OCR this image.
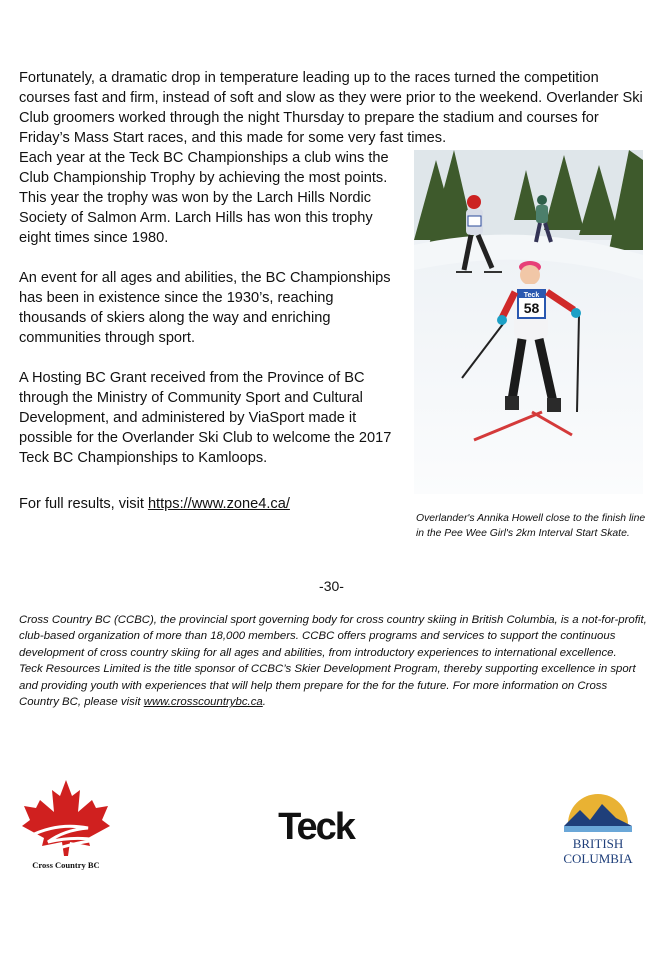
Fortunately, a dramatic drop in temperature leading up to the races turned the competition courses fast and firm, instead of soft and slow as they were prior to the weekend. Overlander Ski Club groomers worked through the night Thursday to prepare the stadium and courses for Friday’s Mass Start races, and this made for some very fast times.

Each year at the Teck BC Championships a club wins the Club Championship Trophy by achieving the most points. This year the trophy was won by the Larch Hills Nordic Society of Salmon Arm. Larch Hills has won this trophy eight times since 1980.

An event for all ages and abilities, the BC Championships has been in existence since the 1930’s, reaching thousands of skiers along the way and enriching communities through sport.

A Hosting BC Grant received from the Province of BC through the Ministry of Community Sport and Cultural Development, and administered by ViaSport made it possible for the Overlander Ski Club to welcome the 2017 Teck BC Championships to Kamloops.

For full results, visit https://www.zone4.ca/

Teck
58

Overlander's Annika Howell close to the finish line in the Pee Wee Girl's 2km Interval Start Skate.

-30-

Cross Country BC (CCBC), the provincial sport governing body for cross country skiing in British Columbia, is a not-for-profit, club-based organization of more than 18,000 members. CCBC offers programs and services to support the continuous development of cross country skiing for all ages and abilities, from introductory experiences to international excellence.

Teck Resources Limited is the title sponsor of CCBC’s Skier Development Program, thereby supporting excellence in sport and providing youth with experiences that will help them prepare for the for the future. For more information on Cross Country BC, please visit www.crosscountrybc.ca.

Cross Country BC
Teck	BRITISH
COLUMBIA
